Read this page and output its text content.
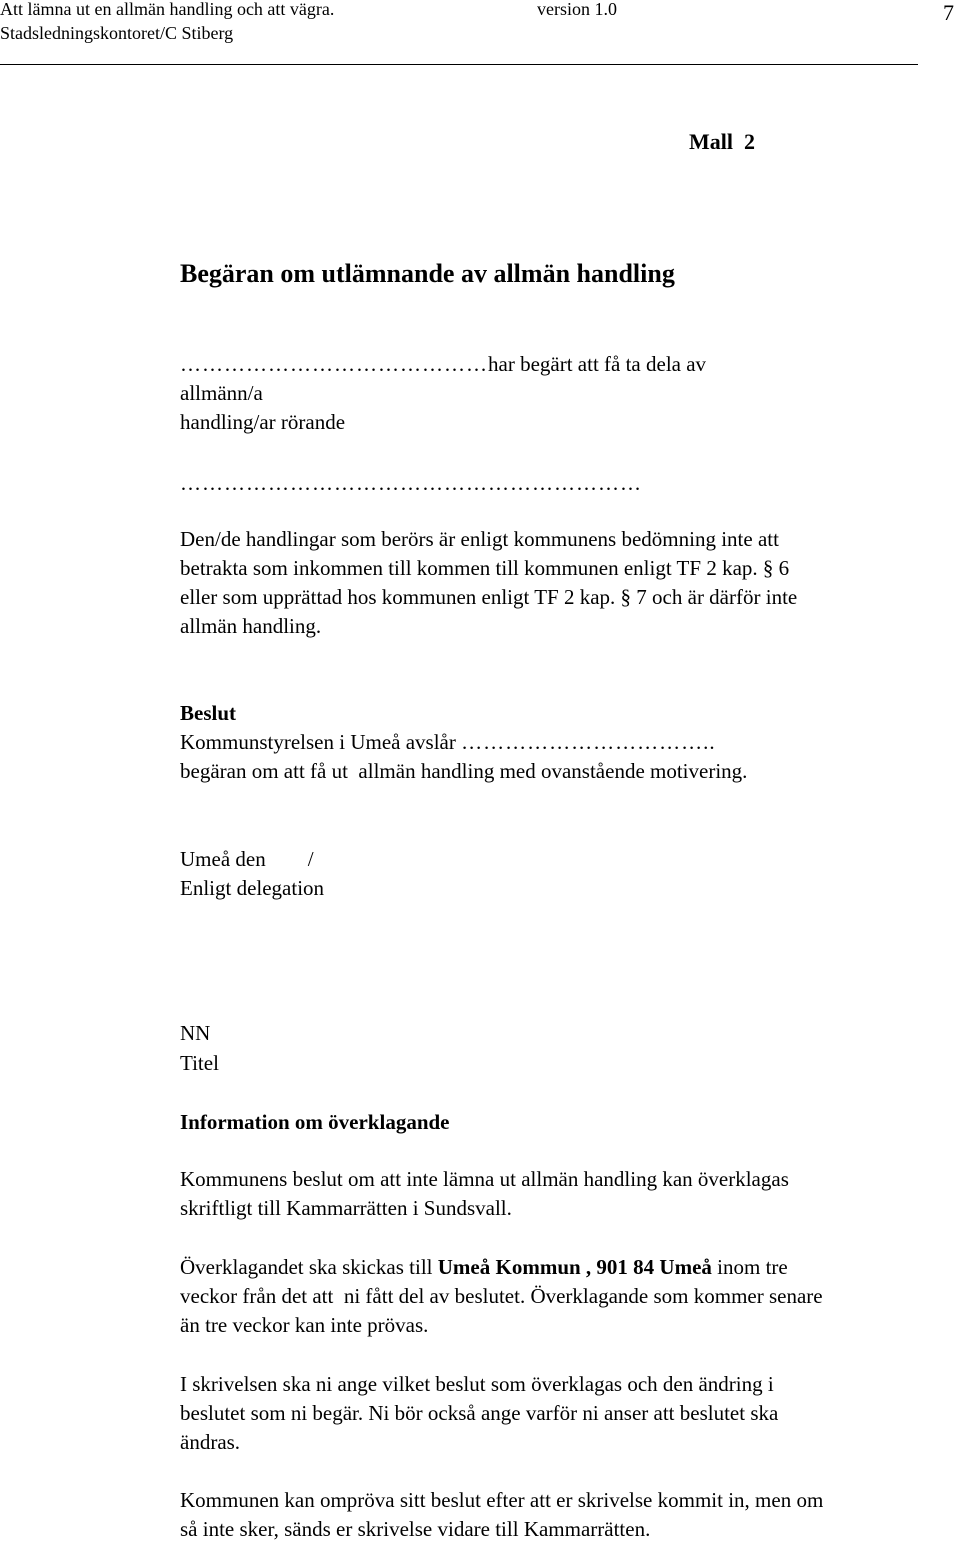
Att lämna ut en allmän handling och att vägra.	version 1.0	7
Stadsledningskontoret/C Stiberg
Mall  2
Begäran om utlämnande av allmän handling
……………………………………har begärt att få ta dela av
allmänn/a
handling/ar rörande
………………………………………………………
Den/de handlingar som berörs är enligt kommunens bedömning inte att
betrakta som inkommen till kommen till kommunen enligt TF 2 kap. § 6
eller som upprättad hos kommunen enligt TF 2 kap. § 7 och är därför inte
allmän handling.
Beslut
Kommunstyrelsen i Umeå avslår ……………………………..
begäran om att få ut  allmän handling med ovanstående motivering.
Umeå den        /
Enligt delegation
NN
Titel
Information om överklagande
Kommunens beslut om att inte lämna ut allmän handling kan överklagas
skriftligt till Kammarrätten i Sundsvall.
Överklagandet ska skickas till Umeå Kommun , 901 84 Umeå inom tre
veckor från det att  ni fått del av beslutet. Överklagande som kommer senare
än tre veckor kan inte prövas.
I skrivelsen ska ni ange vilket beslut som överklagas och den ändring i
beslutet som ni begär. Ni bör också ange varför ni anser att beslutet ska
ändras.
Kommunen kan ompröva sitt beslut efter att er skrivelse kommit in, men om
så inte sker, sänds er skrivelse vidare till Kammarrätten.
